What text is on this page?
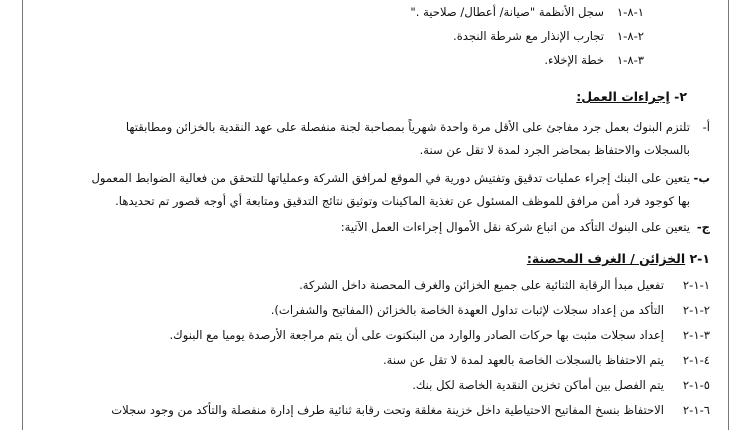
١-٨-١سجل الأنظمة "صيانة/ أعطال/ صلاحية ."
٢-٨-١تجارب الإنذار مع شرطة النجدة.
٣-٨-١خطة الإخلاء.
٢- إجراءات العمل:
أ-تلتزم البنوك بعمل جرد مفاجئ على الأقل مرة واحدة شهرياً بمصاحبة لجنة منفصلة على عهد النقدية بالخزائن ومطابقتها
بالسجلات والاحتفاظ بمحاضر الجرد لمدة لا تقل عن سنة.
ب-يتعين على البنك إجراء عمليات تدقيق وتفتيش دورية في الموقع لمرافق الشركة وعملياتها للتحقق من فعالية الضوابط المعمول
بها كوجود فرد أمن مرافق للموظف المسئول عن تغذية الماكينات وتوثيق نتائج التدقيق ومتابعة أي أوجه قصور تم تحديدها.
ج-يتعين على البنوك التأكد من اتباع شركة نقل الأموال إجراءات العمل الآتية:
١-٢ الخزائن / الغرف المحصنة:
١-١-٢تفعيل مبدأ الرقابة الثنائية على جميع الخزائن والغرف المحصنة داخل الشركة.
٢-١-٢التأكد من إعداد سجلات لإثبات تداول العهدة الخاصة بالخزائن (المفاتيح والشفرات).
٣-١-٢إعداد سجلات مثبت بها حركات الصادر والوارد من البنكنوت على أن يتم مراجعة الأرصدة يوميا مع البنوك.
٤-١-٢يتم الاحتفاظ بالسجلات الخاصة بالعهد لمدة لا تقل عن سنة.
٥-١-٢يتم الفصل بين أماكن تخزين النقدية الخاصة لكل بنك.
٦-١-٢الاحتفاظ بنسخ المفاتيح الاحتياطية داخل خزينة مغلقة وتحت رقابة ثنائية طرف إدارة منفصلة والتأكد من وجود سجلات
